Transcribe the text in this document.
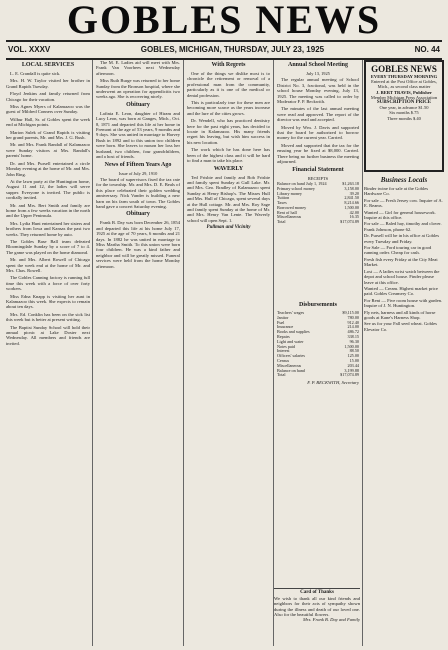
GOBLES NEWS
VOL. XXXV	GOBLES, MICHIGAN, THURSDAY, JULY 23, 1925	NO. 44
LOCAL SERVICES

L. E. Crandall is quite sick.

Mrs. H. W. Taylor visited her brother in Grand Rapids Tuesday.

Floyd Jenkins and family returned from Chicago for their vacation.

Miss Agnes Myers of Kalamazoo was the guest of Mildred Conners over Sunday.

Wilbur Hall, Sr. of Gobles spent the week end at Michigan points.

Marion Sulek of Grand Rapids is visiting her grand parents, Mr. and Mrs. J. G. Bush.

Mr. and Mrs. Frank Randall of Kalamazoo were Sunday visitors at Mrs. Randall's parents' home.

Dr. and Mrs. Pursell entertained a circle Monday evening at the home of Mr. and Mrs. John Ring.

At the lawn party at the Huntington home, August 11 and 12, the ladies will serve supper. Everyone is invited. The public is cordially invited.

Mr. and Mrs. Bert Smith and family are home from a few weeks vacation in the north and the Upper Peninsula.

Mrs. Lydia Hunt entertained her sisters and brothers from Iowa and Kansas the past two weeks. They returned home by auto.

The Gobles Base Ball team defeated Bloomingdale Sunday by a score of 7 to 4. The game was played on the home diamond.

Mr. and Mrs. Albert Rowell of Chicago spent the week end at the home of Mr. and Mrs. Chas. Rowell.

The Gobles Canning factory is running full time this week with a force of over forty workers.

Miss Edna Knapp is visiting her aunt in Kalamazoo this week. She expects to remain about ten days.

Mrs. Ed. Conklin has been on the sick list this week but is better at present writing.

The Baptist Sunday School will hold their annual picnic at Lake Doster next Wednesday. All members and friends are invited.

The M. E. Ladies aid will meet with Mrs. Frank Van Voorhees next Wednesday afternoon.

Miss Ruth Burge was returned to her home Sunday from the Bronson hospital, where she underwent an operation for appendicitis two weeks ago. She is recovering nicely.

Obituary

Lafinia E. Leon, daughter of Hiram and Lucy Leon, was born at Ganges, Mich., Oct. 8, 1871 and departed this life at her home in Fremont at the age of 53 years, 9 months and 9 days. She was united in marriage to Harvey Bush in 1892 and to this union two children were born. She leaves to mourn her loss her husband, two children, four grandchildren, and a host of friends.

News of Fifteen Years Ago
Issue of July 29, 1910

The board of supervisors fixed the tax rate for the township. Mr. and Mrs. D. E. Beals of this place celebrated their golden wedding anniversary. Nick Vander is building a new barn on his farm south of town. The Gobles band gave a concert Saturday evening.

Obituary

Frank B. Day was born December 26, 1854 and departed this life at his home July 17, 1925 at the age of 70 years, 6 months and 21 days. In 1882 he was united in marriage to Miss Martha Smith. To this union were born four children. He was a kind father and neighbor and will be greatly missed. Funeral services were held from the home Monday afternoon.

With Regrets

One of the things we dislike most is to chronicle the retirement or removal of a professional man from the community, particularly as it is one of the medical or dental profession.

This is particularly true for these men are becoming more scarce as the years increase and the lure of the cities grows.

Dr. Wendell, who has practiced dentistry here for the past eight years, has decided to locate in Kalamazoo. His many friends regret his leaving, but wish him success in his new location.

The work which he has done here has been of the highest class and it will be hard to find a man to take his place.

WAVERLY

Ted Frisbie and family and Bob Frisbie and family spent Sunday at Gull Lake. Mr. and Mrs. Geo. Bradley of Kalamazoo spent Sunday at Henry Bishop's. The Misses Hull and Mrs. Hull of Chicago, spent several days at the Hull cottage. Mr. and Mrs. Roy Sage and family spent Sunday at the home of Mr. and Mrs. Henry Van Lente. The Waverly school will open Sept. 1.

Pullman and Vicinity
Annual School Meeting
July 13, 1925

The regular annual meeting of School District No. 3, fractional, was held in the school house Monday evening, July 13, 1925. The meeting was called to order by Moderator F. P. Beckwith.

The minutes of the last annual meeting were read and approved. The report of the director was read and accepted.

Moved by Wm. J. Davis and supported that the board be authorized to borrow money for the current year. Carried.

Moved and supported that the tax for the ensuing year be fixed at $8,000. Carried. There being no further business the meeting adjourned.

Financial Statement
RECEIPTS
Balance on hand July 1, 1924	$1,263.18
Primary school money	3,158.00
Library money	39.20
Tuition	2,841.50
Taxes	8,214.66
Borrowed money	1,500.00
Rent of hall	42.00
Miscellaneous	16.35
Total	$17,074.89
Disbursements
Teachers' wages	$9,115.00
Janitor	780.00
Fuel	912.40
Insurance	214.00
Books and supplies	486.72
Repairs	338.15
Light and water	96.30
Notes paid	1,500.00
Interest	88.50
Officers' salaries	125.00
Census	15.00
Miscellaneous	203.44
Balance on hand	3,199.88
Total	$17,074.89

F. P. BECKWITH, Secretary

Card of Thanks

We wish to thank all our kind friends and neighbors for their acts of sympathy shown during the illness and death of our loved one. Also for the beautiful flowers.

Mrs. Frank B. Day and Family

GOBLES NEWS
EVERY THURSDAY MORNING
Entered at the Post Office at Gobles, Mich., as second class matter
J. BERT TRAVIS, Publisher
Member Michigan Press Association
SUBSCRIPTION PRICE
One year, in advance $1.50
Six months $.75
Three months $.40
Business Locals

Binder twine for sale at the Gobles Hardware Co.

For sale — Fresh Jersey cow. Inquire of A. E. Reams.

Wanted — Girl for general housework. Inquire at this office.

For sale — Baled hay, timothy and clover. Frank Johnson, phone 62.

Dr. Pursell will be in his office at Gobles every Tuesday and Friday.

For Sale — Ford touring car in good running order. Cheap for cash.

Fresh fish every Friday at the City Meat Market.

Lost — A ladies wrist watch between the depot and school house. Finder please leave at this office.

Wanted — Cream. Highest market price paid. Gobles Creamery Co.

For Rent — Five room house with garden. Inquire of J. N. Huntington.

Fly nets, harness and all kinds of horse goods at Kane's Harness Shop.

See us for your Fall seed wheat. Gobles Elevator Co.
